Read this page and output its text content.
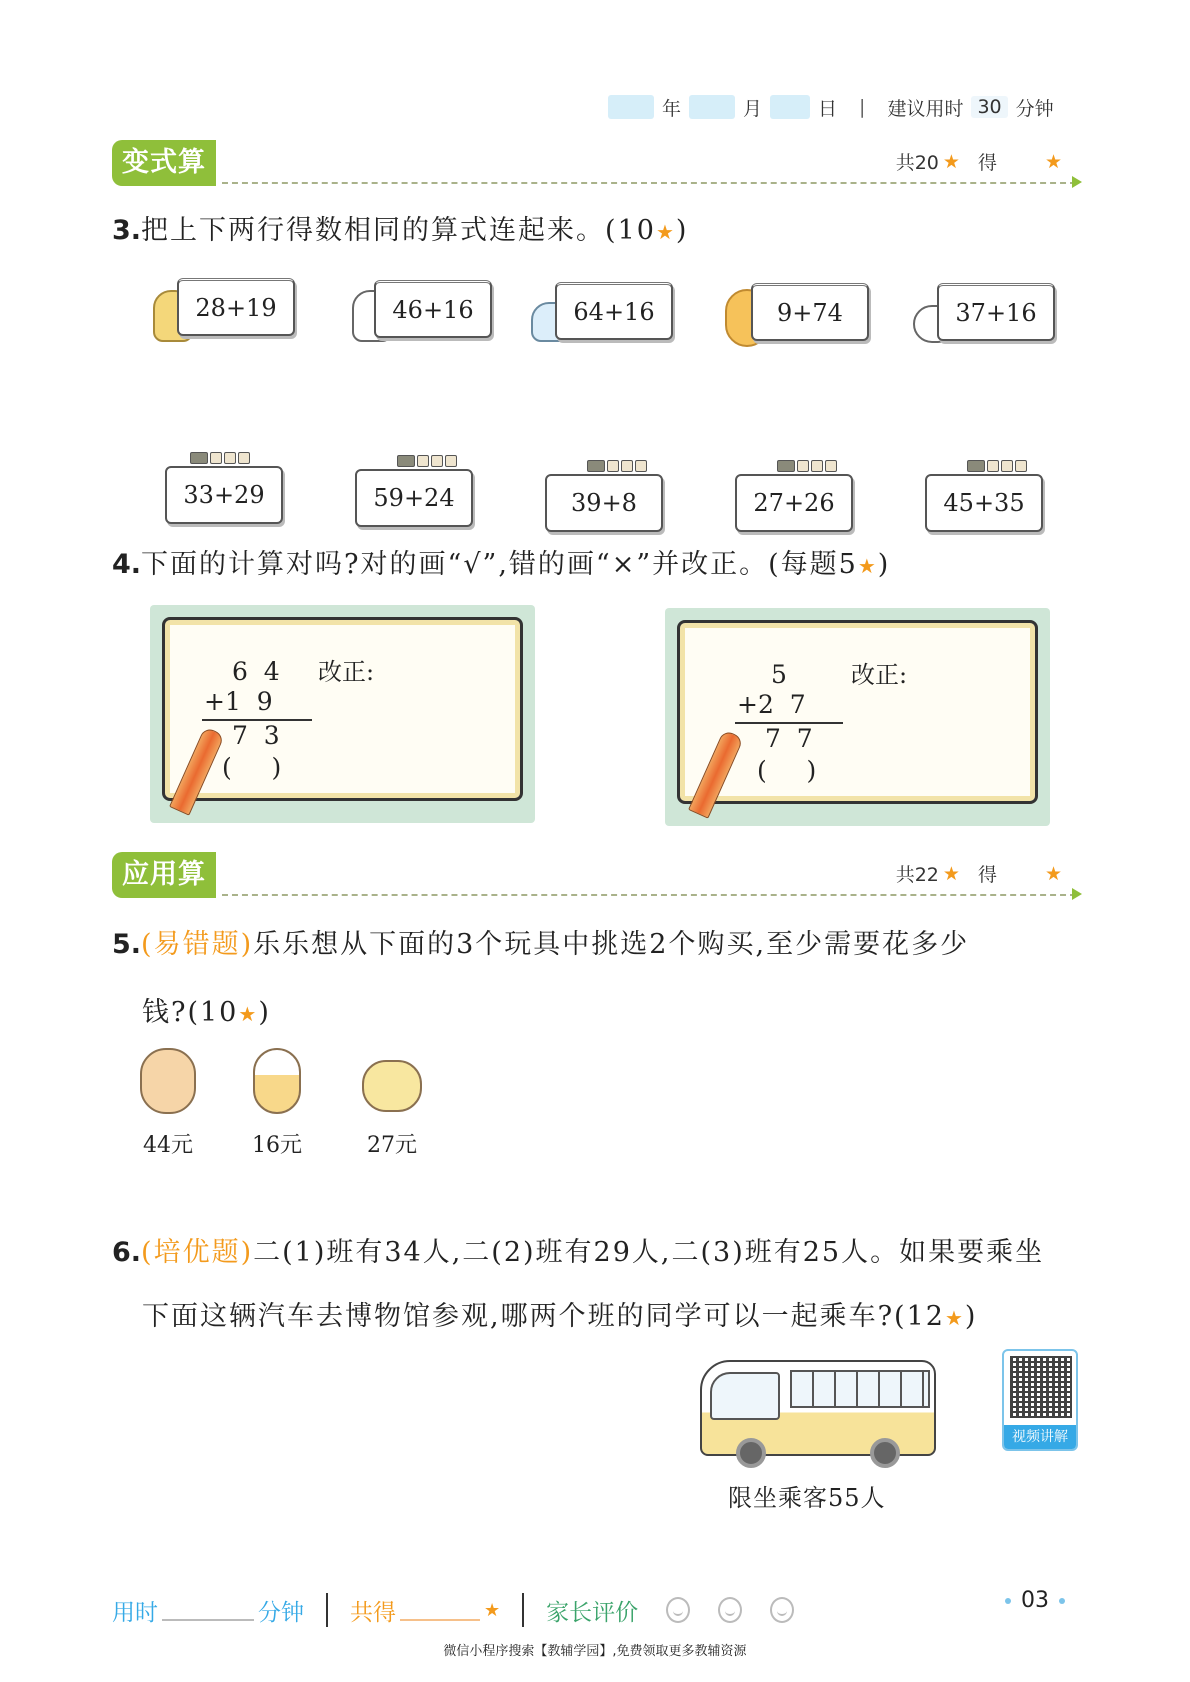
年	月	日 | 建议用时 30 分钟
变式算	共20 ★ 得	★
3.把上下两行得数相同的算式连起来。(10★)
28+19	46+16	64+16	9+74	37+16
33+29	59+24	39+8	27+26	45+35
4.下面的计算对吗?对的画“√”,错的画“×”并改正。(每题5★)
6  4 改正:
+1  9
7  3
(     )
5	改正:
+2  7
7  7
(     )
应用算	共22 ★ 得	★
5.(易错题)乐乐想从下面的3个玩具中挑选2个购买,至少需要花多少
钱?(10★)
44元	16元	27元
6.(培优题)二(1)班有34人,二(2)班有29人,二(3)班有25人。如果要乘坐
下面这辆汽车去博物馆参观,哪两个班的同学可以一起乘车?(12★)
限坐乘客55人
视频讲解
用时	分钟 共得	★ 家长评价	03
微信小程序搜索【教辅学园】,免费领取更多教辅资源
